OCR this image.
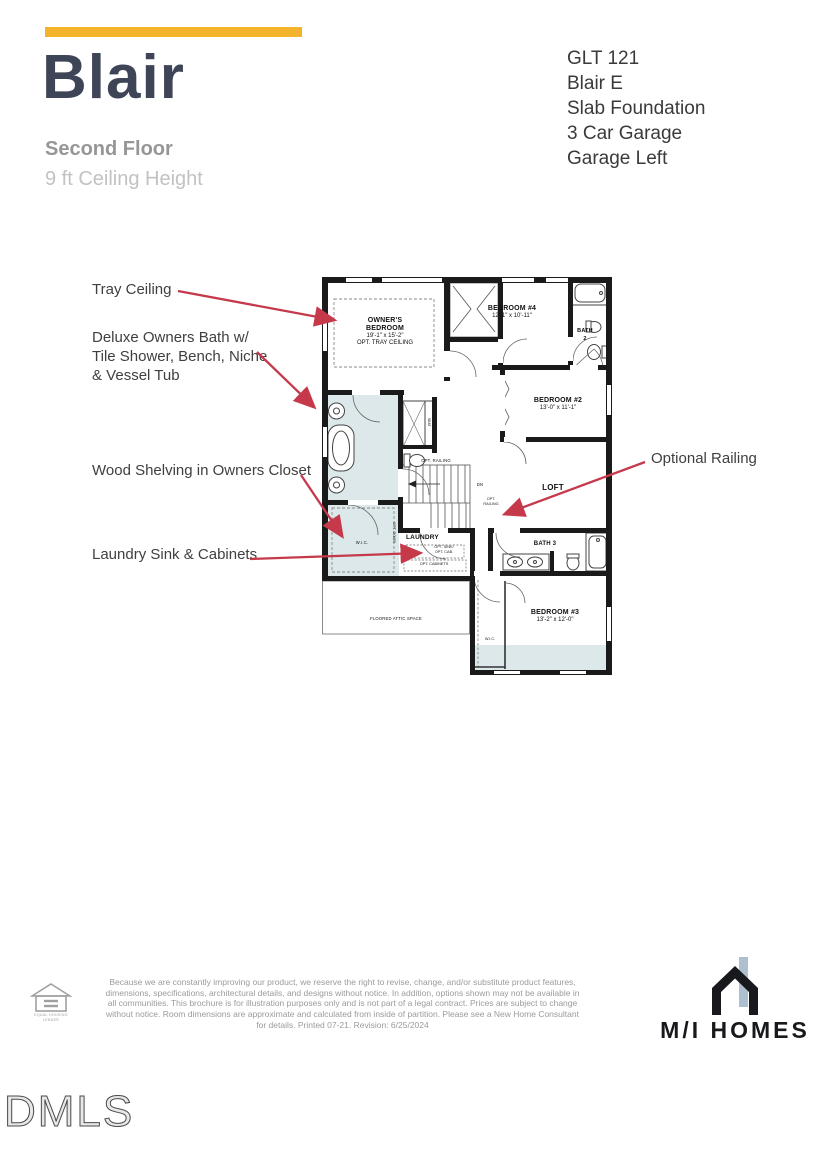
Blair
Second Floor
9 ft Ceiling Height
GLT 121
Blair E
Slab Foundation
3 Car Garage
Garage Left
Tray Ceiling
Deluxe Owners Bath w/ Tile Shower, Bench, Niche & Vessel Tub
Wood Shelving in Owners Closet
Laundry Sink & Cabinets
Optional Railing
OWNER'S BEDROOM
19'-1" x 15'-2"
OPT. TRAY CEILING
BEDROOM #4
12'-1" x 10'-11"
BATH
2
BEDROOM #2
13'-0" x 11'-1"
LOFT
LAUNDRY
BATH 3
BEDROOM #3
13'-2" x 12'-0"
W.I.C.
W.I.C.
OPT. RAILING
OPT.
RAILING
DN
OPT. SINK/
OPT. CAB.
OPT. CABINETS
OPT. DOOR
SEAT
FLOORED ATTIC SPACE
EQUAL HOUSING LENDER
Because we are constantly improving our product, we reserve the right to revise, change, and/or substitute product features, dimensions, specifications, architectural details, and designs without notice. In addition, options shown may not be available in all communities. This brochure is for illustration purposes only and is not part of a legal contract. Prices are subject to change without notice. Room dimensions are approximate and calculated from inside of partition. Please see a New Home Consultant for details. Printed 07-21. Revision: 6/25/2024	M/I HOMES
DMLS
